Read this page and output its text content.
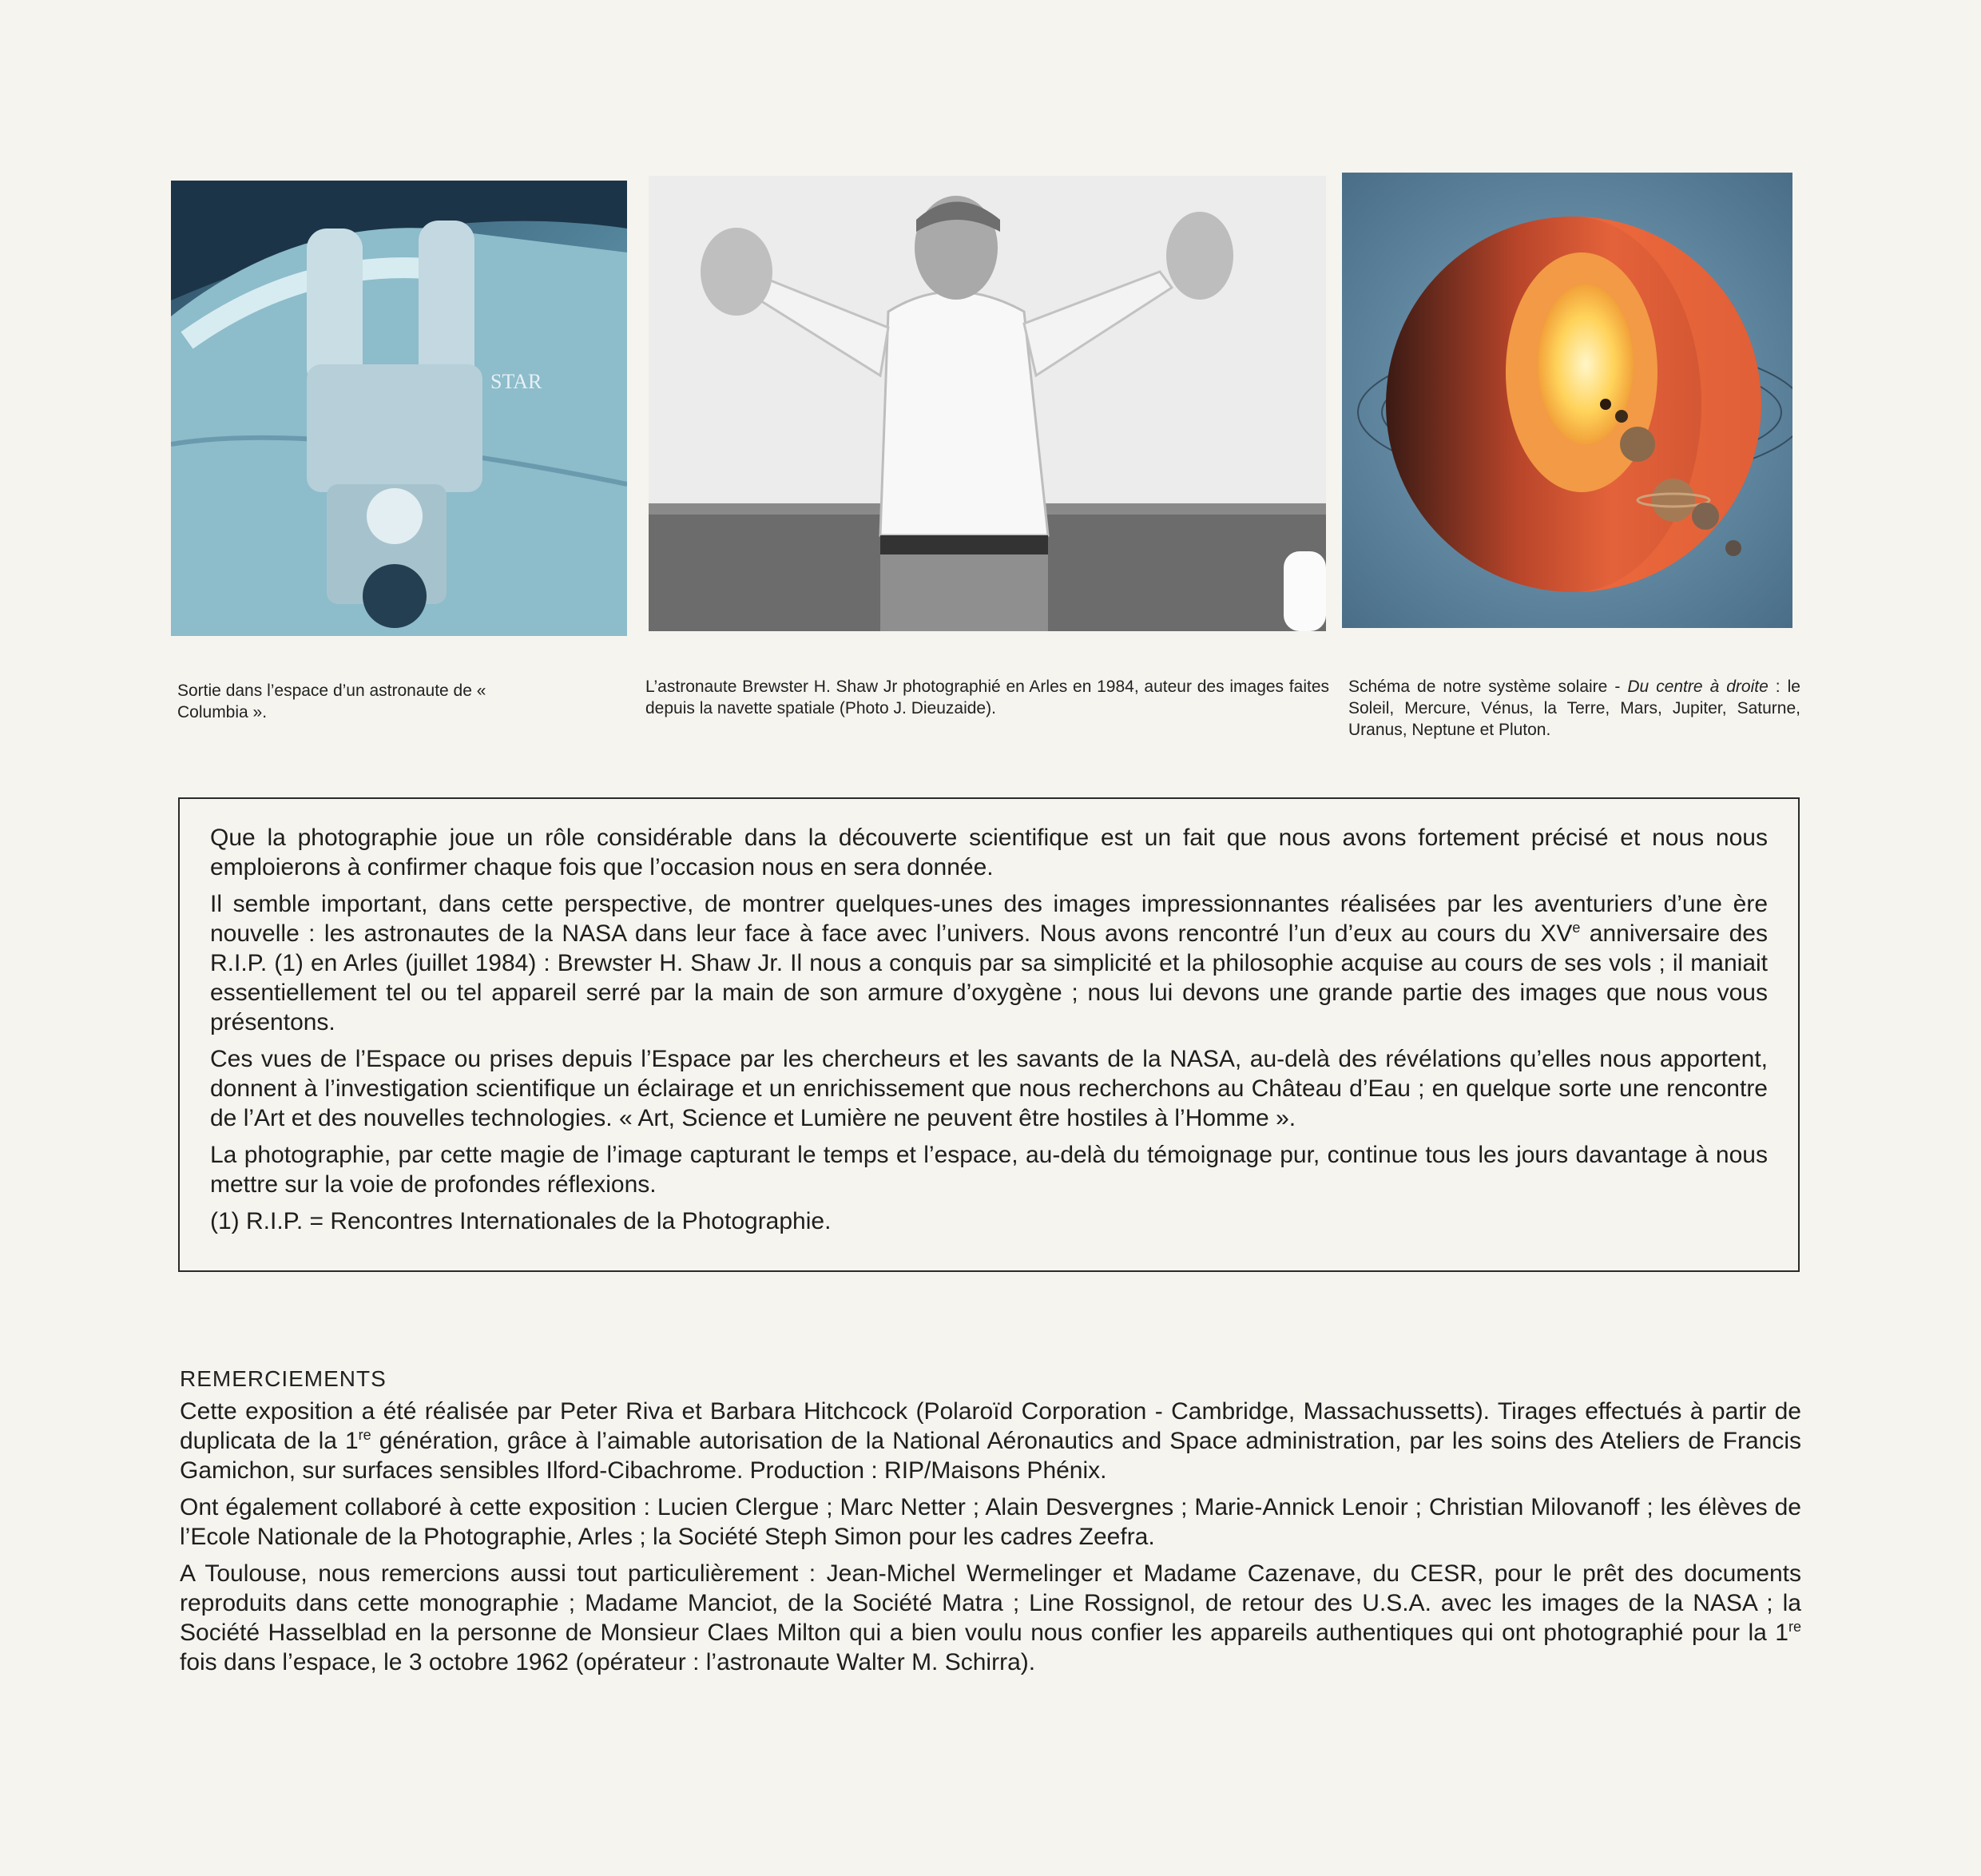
STAR
Sortie dans l’espace d’un astronaute de « Columbia ».
L’astronaute Brewster H. Shaw Jr photographié en Arles en 1984, auteur des images faites depuis la navette spatiale (Photo J. Dieuzaide).
Schéma de notre système solaire - Du centre à droite : le Soleil, Mercure, Vénus, la Terre, Mars, Jupiter, Saturne, Uranus, Neptune et Pluton.

Que la photographie joue un rôle considérable dans la découverte scientifique est un fait que nous avons fortement précisé et nous nous emploierons à confirmer chaque fois que l’occasion nous en sera donnée.

Il semble important, dans cette perspective, de montrer quelques-unes des images impressionnantes réalisées par les aventuriers d’une ère nouvelle : les astronautes de la NASA dans leur face à face avec l’univers. Nous avons rencontré l’un d’eux au cours du XVe anniversaire des R.I.P. (1) en Arles (juillet 1984) : Brewster H. Shaw Jr. Il nous a conquis par sa simplicité et la philosophie acquise au cours de ses vols ; il maniait essentiellement tel ou tel appareil serré par la main de son armure d’oxygène ; nous lui devons une grande partie des images que nous vous présentons.

Ces vues de l’Espace ou prises depuis l’Espace par les chercheurs et les savants de la NASA, au-delà des révélations qu’elles nous apportent, donnent à l’investigation scientifique un éclairage et un enrichissement que nous recherchons au Château d’Eau ; en quelque sorte une rencontre de l’Art et des nouvelles technologies. « Art, Science et Lumière ne peuvent être hostiles à l’Homme ».

La photographie, par cette magie de l’image capturant le temps et l’espace, au-delà du témoignage pur, continue tous les jours davantage à nous mettre sur la voie de profondes réflexions.

(1) R.I.P. = Rencontres Internationales de la Photographie.

REMERCIEMENTS

Cette exposition a été réalisée par Peter Riva et Barbara Hitchcock (Polaroïd Corporation - Cambridge, Massachussetts). Tirages effectués à partir de duplicata de la 1re génération, grâce à l’aimable autorisation de la National Aéronautics and Space administration, par les soins des Ateliers de Francis Gamichon, sur surfaces sensibles Ilford-Cibachrome. Production : RIP/Maisons Phénix.

Ont également collaboré à cette exposition : Lucien Clergue ; Marc Netter ; Alain Desvergnes ; Marie-Annick Lenoir ; Christian Milovanoff ; les élèves de l’Ecole Nationale de la Photographie, Arles ; la Société Steph Simon pour les cadres Zeefra.

A Toulouse, nous remercions aussi tout particulièrement : Jean-Michel Wermelinger et Madame Cazenave, du CESR, pour le prêt des documents reproduits dans cette monographie ; Madame Manciot, de la Société Matra ; Line Rossignol, de retour des U.S.A. avec les images de la NASA ; la Société Hasselblad en la personne de Monsieur Claes Milton qui a bien voulu nous confier les appareils authentiques qui ont photographié pour la 1re fois dans l’espace, le 3 octobre 1962 (opérateur : l’astronaute Walter M. Schirra).
